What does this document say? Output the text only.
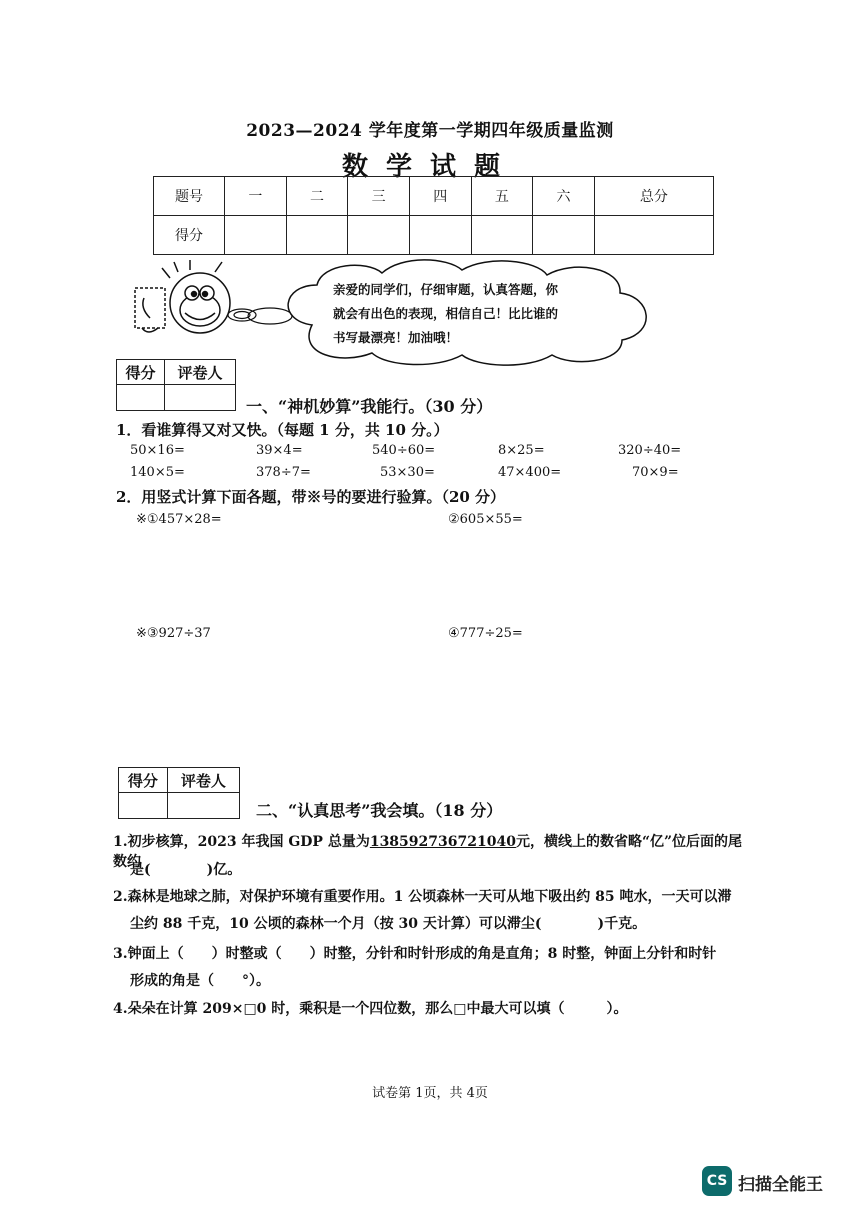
2023—2024 学年度第一学期四年级质量监测
数学试题
题号	一	二	三	四	五	六	总分
得分							
亲爱的同学们，仔细审题，认真答题，你
就会有出色的表现，相信自己！比比谁的
书写最漂亮！加油哦！
得分	评卷人

一、“神机妙算”我能行。（30 分）
1．看谁算得又对又快。（每题 1 分，共 10 分。）
50×16=	39×4=	540÷60=	8×25=	320÷40=
140×5=	378÷7=	53×30=	47×400=	70×9=
2．用竖式计算下面各题，带※号的要进行验算。（20 分）
※①457×28=	②605×55=
※③927÷37	④777÷25=
得分	评卷人

二、“认真思考”我会填。（18 分）
1.初步核算，2023 年我国 GDP 总量为138592736721040元，横线上的数省略“亿”位后面的尾数约
是(　　　　)亿。
2.森林是地球之肺，对保护环境有重要作用。1 公顷森林一天可从地下吸出约 85 吨水，一天可以滞
尘约 88 千克，10 公顷的森林一个月（按 30 天计算）可以滞尘(　　　　)千克。
3.钟面上（　　）时整或（　　）时整，分针和时针形成的角是直角；8 时整，钟面上分针和时针
形成的角是（　　°）。
4.朵朵在计算 209×□0 时，乘积是一个四位数，那么□中最大可以填（　　　）。
试卷第 1页，共 4页
CS 扫描全能王
